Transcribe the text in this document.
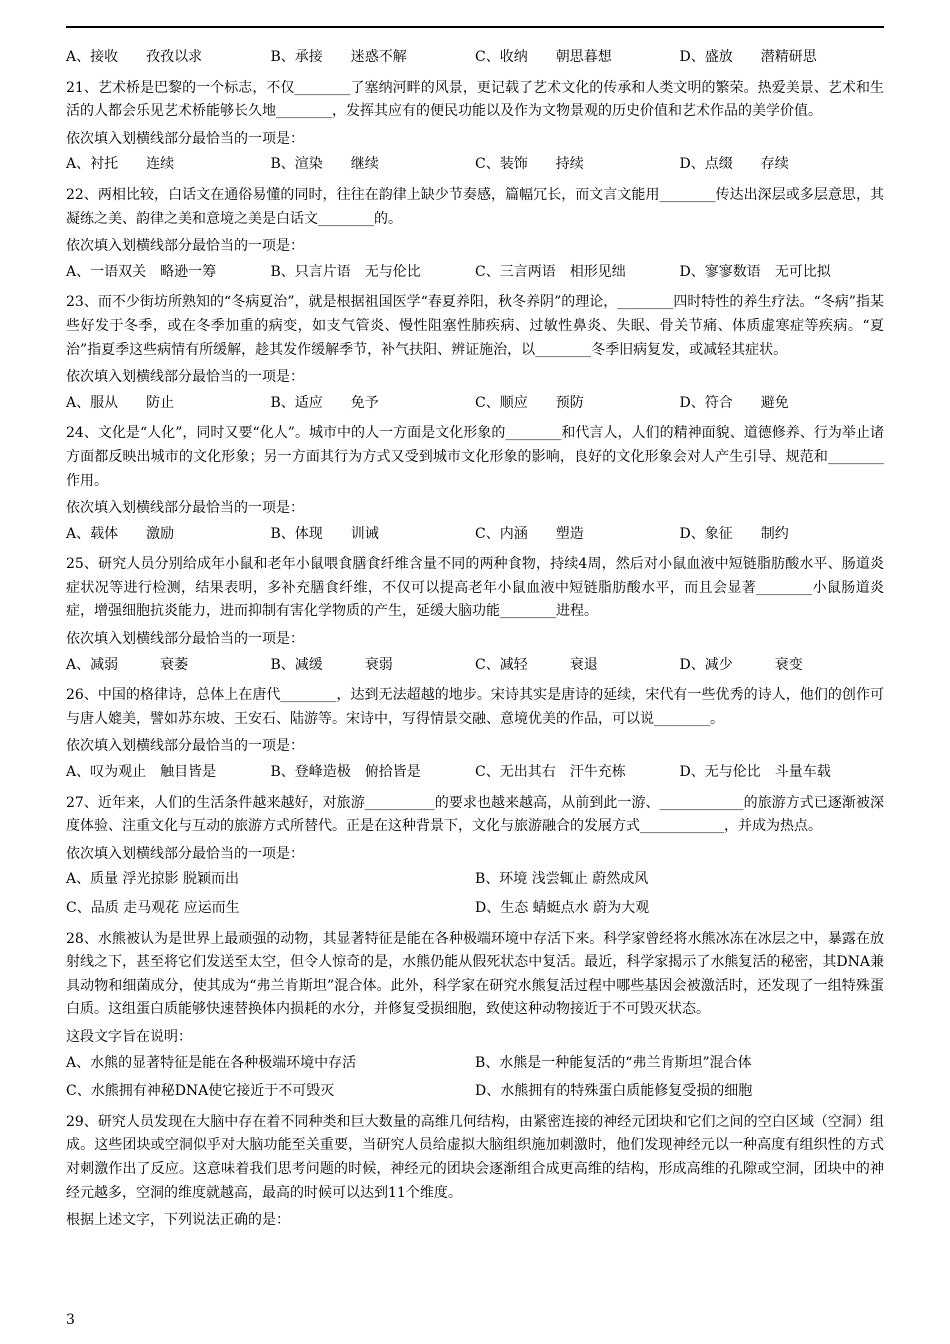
A、接收　　孜孜以求	B、承接　　迷惑不解	C、收纳　　朝思暮想	D、盛放　　潜精研思

21、艺术桥是巴黎的一个标志，不仅________了塞纳河畔的风景，更记载了艺术文化的传承和人类文明的繁荣。热爱美景、艺术和生活的人都会乐见艺术桥能够长久地________，发挥其应有的便民功能以及作为文物景观的历史价值和艺术作品的美学价值。

依次填入划横线部分最恰当的一项是：

A、衬托　　连续	B、渲染　　继续	C、装饰　　持续	D、点缀　　存续

22、两相比较，白话文在通俗易懂的同时，往往在韵律上缺少节奏感，篇幅冗长，而文言文能用________传达出深层或多层意思，其凝练之美、韵律之美和意境之美是白话文________的。

依次填入划横线部分最恰当的一项是：

A、一语双关　略逊一筹	B、只言片语　无与伦比	C、三言两语　相形见绌	D、寥寥数语　无可比拟

23、而不少街坊所熟知的“冬病夏治”，就是根据祖国医学“春夏养阳，秋冬养阴”的理论，________四时特性的养生疗法。“冬病”指某些好发于冬季，或在冬季加重的病变，如支气管炎、慢性阻塞性肺疾病、过敏性鼻炎、失眠、骨关节痛、体质虚寒症等疾病。“夏治”指夏季这些病情有所缓解，趁其发作缓解季节，补气扶阳、辨证施治，以________冬季旧病复发，或减轻其症状。

依次填入划横线部分最恰当的一项是：

A、服从　　防止	B、适应　　免予	C、顺应　　预防	D、符合　　避免

24、文化是“人化”，同时又要“化人”。城市中的人一方面是文化形象的________和代言人，人们的精神面貌、道德修养、行为举止诸方面都反映出城市的文化形象；另一方面其行为方式又受到城市文化形象的影响，良好的文化形象会对人产生引导、规范和________作用。

依次填入划横线部分最恰当的一项是：

A、载体　　激励	B、体现　　训诫	C、内涵　　塑造	D、象征　　制约

25、研究人员分别给成年小鼠和老年小鼠喂食膳食纤维含量不同的两种食物，持续4周，然后对小鼠血液中短链脂肪酸水平、肠道炎症状况等进行检测，结果表明，多补充膳食纤维，不仅可以提高老年小鼠血液中短链脂肪酸水平，而且会显著________小鼠肠道炎症，增强细胞抗炎能力，进而抑制有害化学物质的产生，延缓大脑功能________进程。

依次填入划横线部分最恰当的一项是：

A、减弱　　　衰萎	B、减缓　　　衰弱	C、减轻　　　衰退	D、减少　　　衰变

26、中国的格律诗，总体上在唐代________，达到无法超越的地步。宋诗其实是唐诗的延续，宋代有一些优秀的诗人，他们的创作可与唐人媲美，譬如苏东坡、王安石、陆游等。宋诗中，写得情景交融、意境优美的作品，可以说________。

依次填入划横线部分最恰当的一项是：

A、叹为观止　触目皆是	B、登峰造极　俯拾皆是	C、无出其右　汗牛充栋	D、无与伦比　斗量车载

27、近年来，人们的生活条件越来越好，对旅游__________的要求也越来越高，从前到此一游、____________的旅游方式已逐渐被深度体验、注重文化与互动的旅游方式所替代。正是在这种背景下，文化与旅游融合的发展方式____________，并成为热点。

依次填入划横线部分最恰当的一项是：

A、质量 浮光掠影 脱颖而出	B、环境 浅尝辄止 蔚然成风
C、品质 走马观花 应运而生	D、生态 蜻蜓点水 蔚为大观

28、水熊被认为是世界上最顽强的动物，其显著特征是能在各种极端环境中存活下来。科学家曾经将水熊冰冻在冰层之中，暴露在放射线之下，甚至将它们发送至太空，但令人惊奇的是，水熊仍能从假死状态中复活。最近，科学家揭示了水熊复活的秘密，其DNA兼具动物和细菌成分，使其成为“弗兰肯斯坦”混合体。此外，科学家在研究水熊复活过程中哪些基因会被激活时，还发现了一组特殊蛋白质。这组蛋白质能够快速替换体内损耗的水分，并修复受损细胞，致使这种动物接近于不可毁灭状态。

这段文字旨在说明：

A、水熊的显著特征是能在各种极端环境中存活	B、水熊是一种能复活的“弗兰肯斯坦”混合体
C、水熊拥有神秘DNA使它接近于不可毁灭	D、水熊拥有的特殊蛋白质能修复受损的细胞

29、研究人员发现在大脑中存在着不同种类和巨大数量的高维几何结构，由紧密连接的神经元团块和它们之间的空白区域（空洞）组成。这些团块或空洞似乎对大脑功能至关重要，当研究人员给虚拟大脑组织施加刺激时，他们发现神经元以一种高度有组织性的方式对刺激作出了反应。这意味着我们思考问题的时候，神经元的团块会逐渐组合成更高维的结构，形成高维的孔隙或空洞，团块中的神经元越多，空洞的维度就越高，最高的时候可以达到11个维度。

根据上述文字，下列说法正确的是：

3
